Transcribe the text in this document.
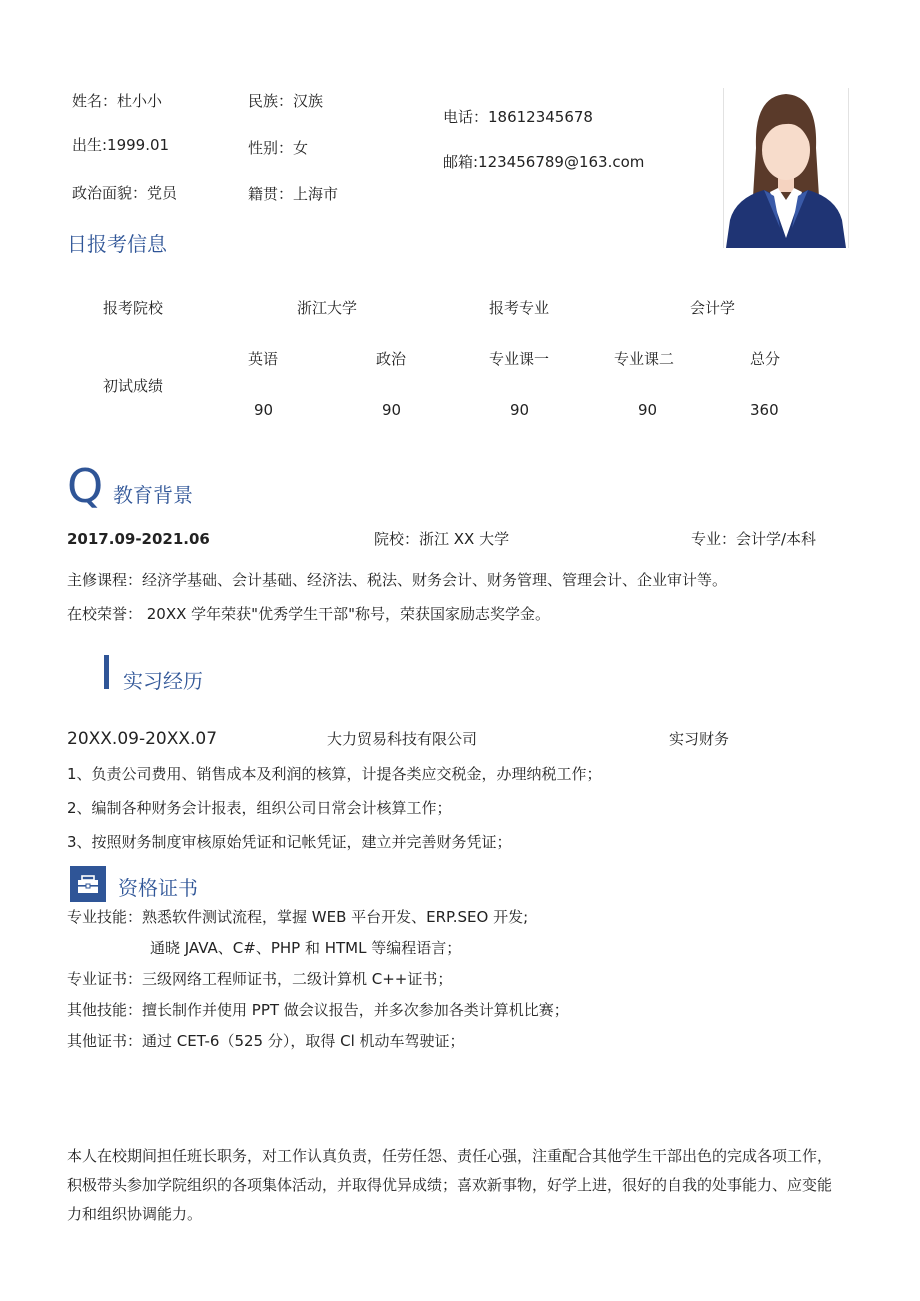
姓名：杜小小
出生:1999.01
政治面貌：党员
民族：汉族
性别：女
籍贯：上海市
电话：18612345678
邮箱:123456789@163.com
日报考信息
报考院校	浙江大学	报考专业	会计学
初试成绩
英语	政治	专业课一	专业课二	总分
90	90	90	90	360
Q 教育背景
2017.09-2021.06	院校：浙江 XX 大学	专业：会计学/本科
主修课程：经济学基础、会计基础、经济法、税法、财务会计、财务管理、管理会计、企业审计等。
在校荣誉： 20XX 学年荣获"优秀学生干部"称号，荣获国家励志奖学金。
实习经历
20XX.09-20XX.07	大力贸易科技有限公司	实习财务
1、负责公司费用、销售成本及利润的核算，计提各类应交税金，办理纳税工作；
2、编制各种财务会计报表，组织公司日常会计核算工作；
3、按照财务制度审核原始凭证和记帐凭证，建立并完善财务凭证；
资格证书
专业技能：熟悉软件测试流程，掌握 WEB 平台开发、ERP.SEO 开发;
通晓 JAVA、C#、PHP 和 HTML 等编程语言；
专业证书：三级网络工程师证书，二级计算机 C++证书；
其他技能：擅长制作并使用 PPT 做会议报告，并多次参加各类计算机比赛；
其他证书：通过 CET-6（525 分），取得 Cl 机动车驾驶证；
本人在校期间担任班长职务，对工作认真负责，任劳任怨、责任心强，注重配合其他学生干部出色的完成各项工作，积极带头参加学院组织的各项集体活动，并取得优异成绩；喜欢新事物，好学上进，很好的自我的处事能力、应变能力和组织协调能力。
